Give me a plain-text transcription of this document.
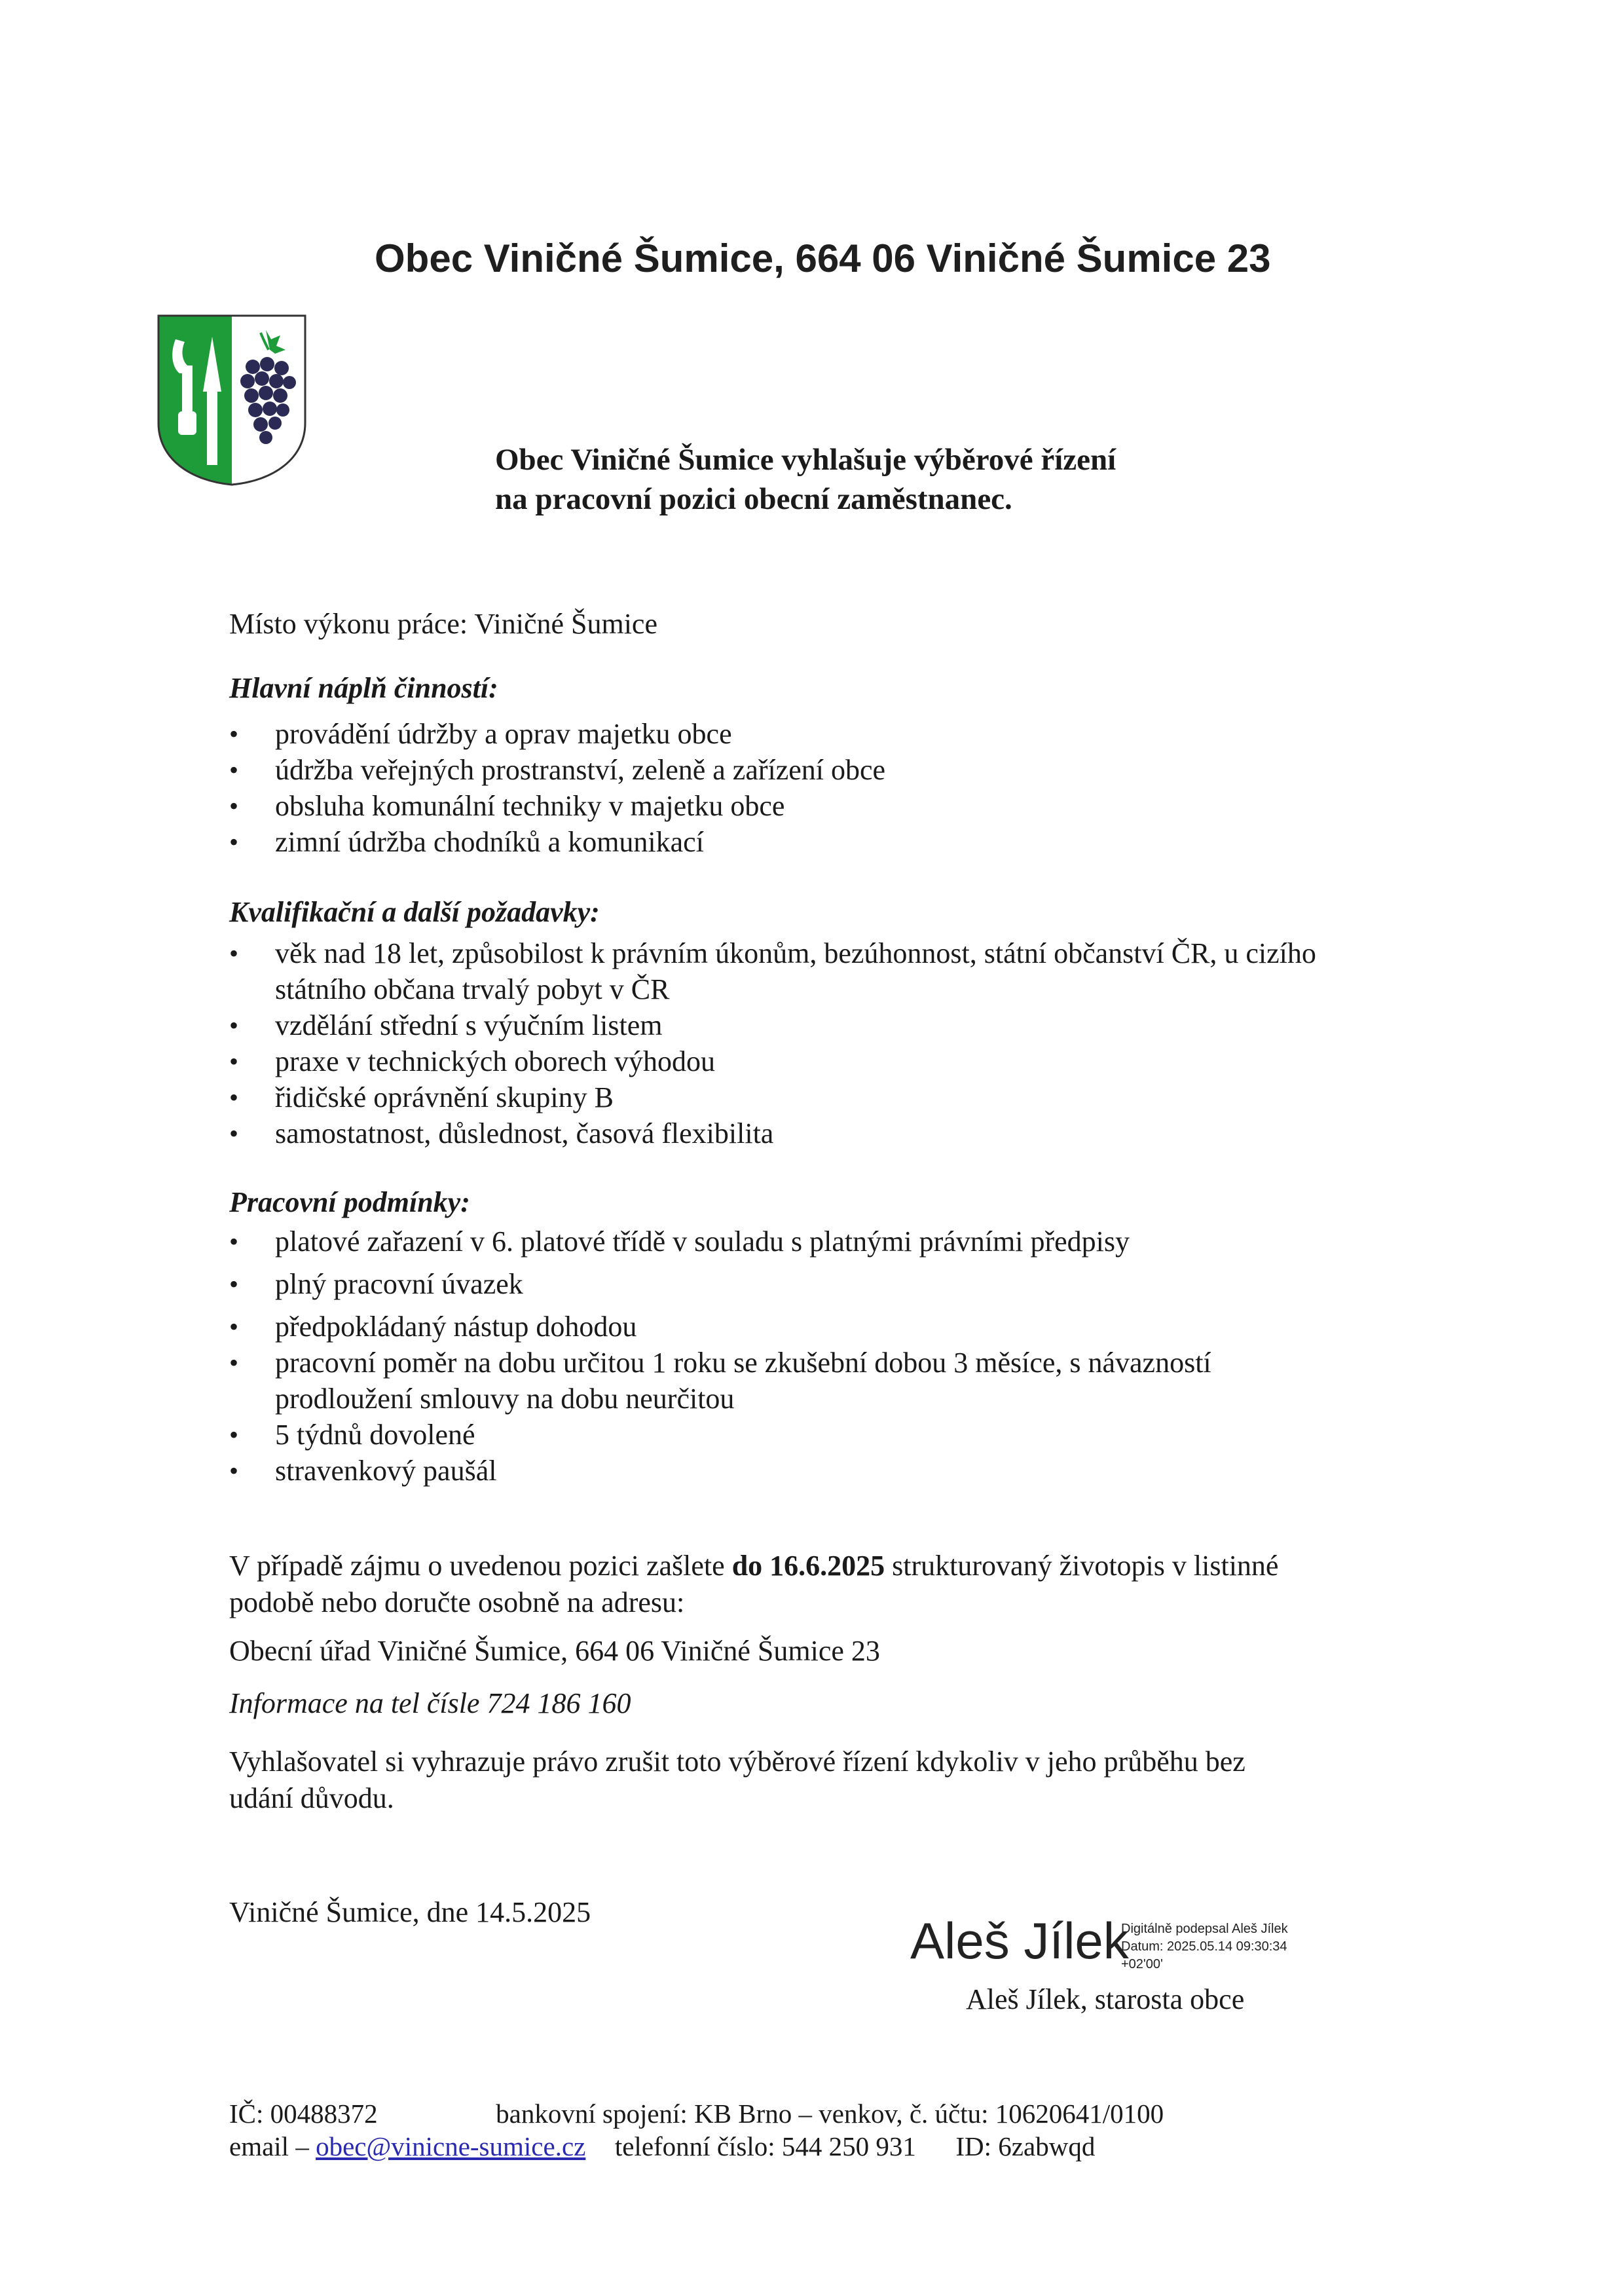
Obec Viničné Šumice, 664 06 Viničné Šumice 23
Obec Viničné Šumice vyhlašuje výběrové řízení
na pracovní pozici obecní zaměstnanec.
Místo výkonu práce: Viničné Šumice
Hlavní náplň činností:
• provádění údržby a oprav majetku obce
• údržba veřejných prostranství, zeleně a zařízení obce
• obsluha komunální techniky v majetku obce
• zimní údržba chodníků a komunikací
Kvalifikační a další požadavky:
• věk nad 18 let, způsobilost k právním úkonům, bezúhonnost, státní občanství ČR, u cizího
státního občana trvalý pobyt v ČR
• vzdělání střední s výučním listem
• praxe v technických oborech výhodou
• řidičské oprávnění skupiny B
• samostatnost, důslednost, časová flexibilita
Pracovní podmínky:
• platové zařazení v 6. platové třídě v souladu s platnými právními předpisy
• plný pracovní úvazek
• předpokládaný nástup dohodou
• pracovní poměr na dobu určitou 1 roku se zkušební dobou 3 měsíce, s návazností
prodloužení smlouvy na dobu neurčitou
• 5 týdnů dovolené
• stravenkový paušál
V případě zájmu o uvedenou pozici zašlete do 16.6.2025 strukturovaný životopis v listinné
podobě nebo doručte osobně na adresu:
Obecní úřad Viničné Šumice, 664 06 Viničné Šumice 23
Informace na tel čísle 724 186 160
Vyhlašovatel si vyhrazuje právo zrušit toto výběrové řízení kdykoliv v jeho průběhu bez
udání důvodu.
Viničné Šumice, dne 14.5.2025	Aleš Jílek
Digitálně podepsal Aleš Jílek
Datum: 2025.05.14 09:30:34
+02'00'
Aleš Jílek, starosta obce
IČ: 00488372	bankovní spojení: KB Brno – venkov, č. účtu: 10620641/0100
email – obec@vinicne-sumice.cz telefonní číslo: 544 250 931 ID: 6zabwqd
